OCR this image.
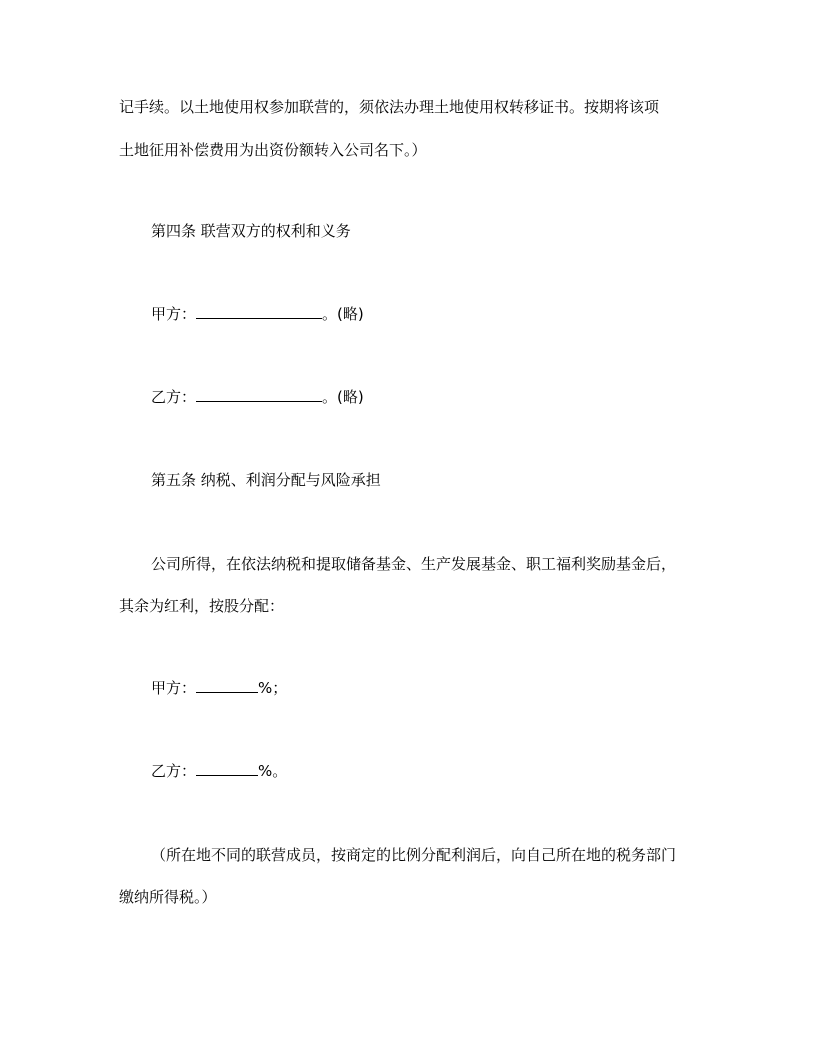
记手续。以土地使用权参加联营的，须依法办理土地使用权转移证书。按期将该项
土地征用补偿费用为出资份额转入公司名下。）
第四条 联营双方的权利和义务
甲方：	。(略)
乙方：	。(略)
第五条 纳税、利润分配与风险承担
公司所得，在依法纳税和提取储备基金、生产发展基金、职工福利奖励基金后，
其余为红利，按股分配：
甲方：	%；
乙方：	%。
（所在地不同的联营成员，按商定的比例分配利润后，向自己所在地的税务部门
缴纳所得税。）
